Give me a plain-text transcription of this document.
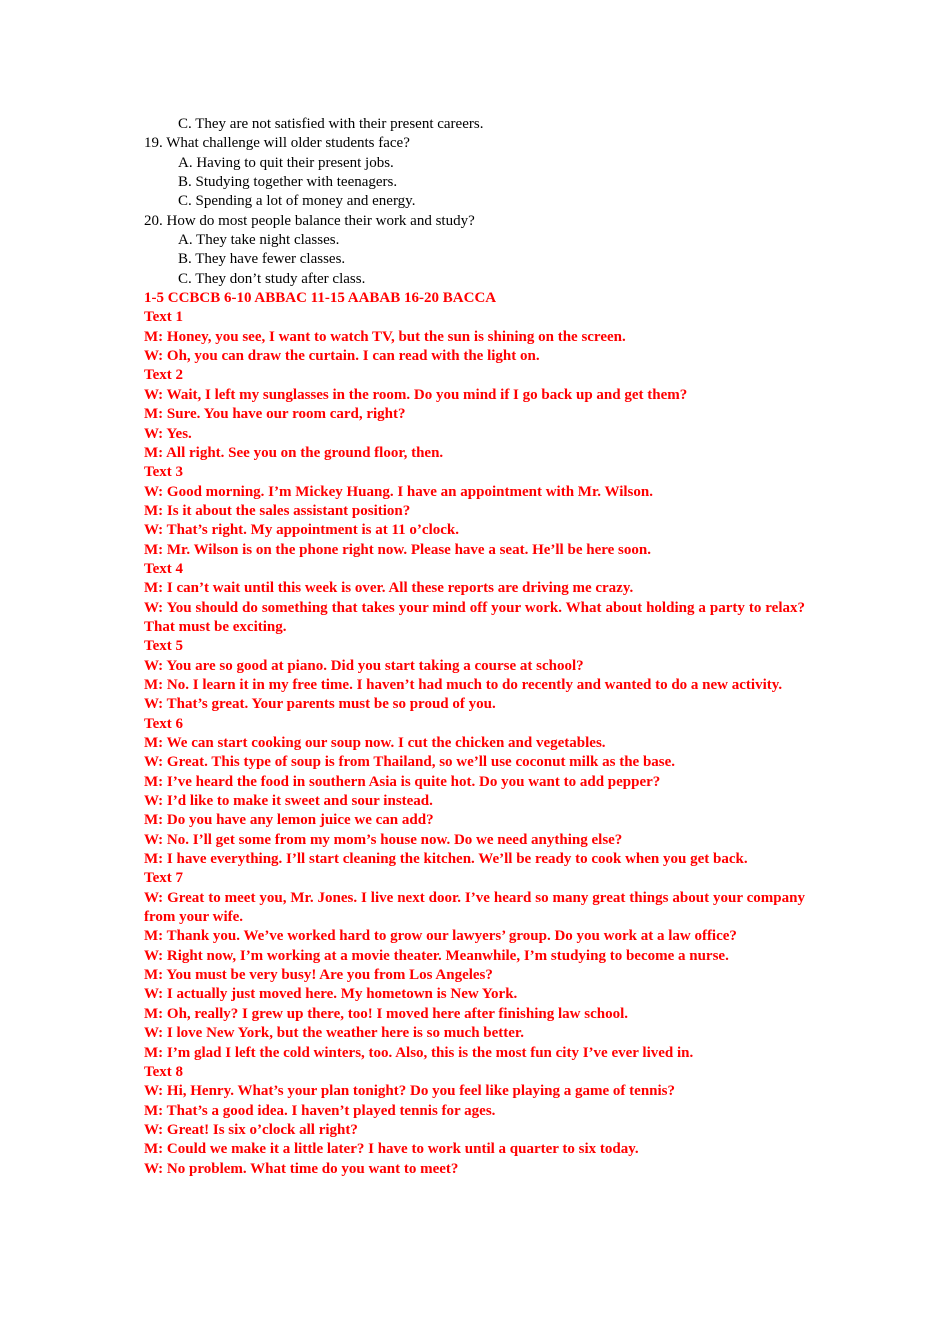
C. They are not satisfied with their present careers.
19. What challenge will older students face?
A. Having to quit their present jobs.
B. Studying together with teenagers.
C. Spending a lot of money and energy.
20. How do most people balance their work and study?
A. They take night classes.
B. They have fewer classes.
C. They don’t study after class.
1-5 CCBCB 6-10 ABBAC 11-15 AABAB 16-20 BACCA
Text 1
M: Honey, you see, I want to watch TV, but the sun is shining on the screen.
W: Oh, you can draw the curtain. I can read with the light on.
Text 2
W: Wait, I left my sunglasses in the room. Do you mind if I go back up and get them?
M: Sure. You have our room card, right?
W: Yes.
M: All right. See you on the ground floor, then.
Text 3
W: Good morning. I’m Mickey Huang. I have an appointment with Mr. Wilson.
M: Is it about the sales assistant position?
W: That’s right. My appointment is at 11 o’clock.
M: Mr. Wilson is on the phone right now. Please have a seat. He’ll be here soon.
Text 4
M: I can’t wait until this week is over. All these reports are driving me crazy.
W: You should do something that takes your mind off your work. What about holding a party to relax? That must be exciting.
Text 5
W: You are so good at piano. Did you start taking a course at school?
M: No. I learn it in my free time. I haven’t had much to do recently and wanted to do a new activity.
W: That’s great. Your parents must be so proud of you.
Text 6
M: We can start cooking our soup now. I cut the chicken and vegetables.
W: Great. This type of soup is from Thailand, so we’ll use coconut milk as the base.
M: I’ve heard the food in southern Asia is quite hot. Do you want to add pepper?
W: I’d like to make it sweet and sour instead.
M: Do you have any lemon juice we can add?
W: No. I’ll get some from my mom’s house now. Do we need anything else?
M: I have everything. I’ll start cleaning the kitchen. We’ll be ready to cook when you get back.
Text 7
W: Great to meet you, Mr. Jones. I live next door. I’ve heard so many great things about your company from your wife.
M: Thank you. We’ve worked hard to grow our lawyers’ group. Do you work at a law office?
W: Right now, I’m working at a movie theater. Meanwhile, I’m studying to become a nurse.
M: You must be very busy! Are you from Los Angeles?
W: I actually just moved here. My hometown is New York.
M: Oh, really? I grew up there, too! I moved here after finishing law school.
W: I love New York, but the weather here is so much better.
M: I’m glad I left the cold winters, too. Also, this is the most fun city I’ve ever lived in.
Text 8
W: Hi, Henry. What’s your plan tonight? Do you feel like playing a game of tennis?
M: That’s a good idea. I haven’t played tennis for ages.
W: Great! Is six o’clock all right?
M: Could we make it a little later? I have to work until a quarter to six today.
W: No problem. What time do you want to meet?
